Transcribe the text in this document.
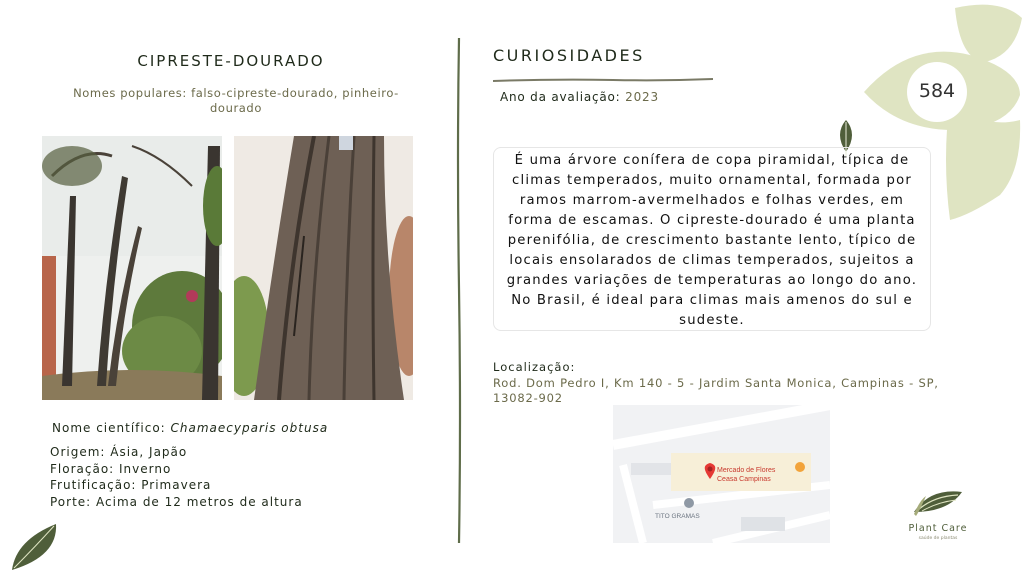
CIPRESTE-DOURADO
Nomes populares: falso-cipreste-dourado, pinheiro-dourado
Nome científico: Chamaecyparis obtusa
Origem: Ásia, Japão
Floração: Inverno
Frutificação: Primavera
Porte: Acima de 12 metros de altura
CURIOSIDADES
Ano da avaliação: 2023	584
É uma árvore conífera de copa piramidal, típica de climas temperados, muito ornamental, formada por ramos marrom-avermelhados e folhas verdes, em forma de escamas. O cipreste-dourado é uma planta perenifólia, de crescimento bastante lento, típico de locais ensolarados de climas temperados, sujeitos a grandes variações de temperaturas ao longo do ano. No Brasil, é ideal para climas mais amenos do sul e sudeste.
Localização:
Rod. Dom Pedro I, Km 140 - 5 - Jardim Santa Monica, Campinas - SP, 13082-902
Mercado de Flores
Ceasa Campinas
TITO GRAMAS
Plant Care
saúde de plantas
